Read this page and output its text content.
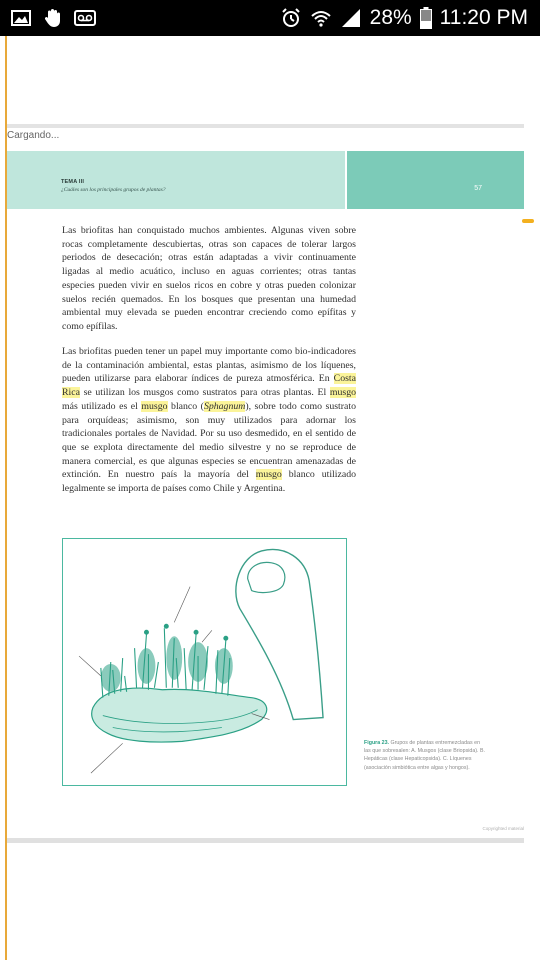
28% 11:20 PM
Cargando...
TEMA III
¿Cuáles son los principales grupos de plantas?	57

Las briofitas han conquistado muchos ambientes. Algunas viven sobre rocas completamente descubiertas, otras son capaces de tolerar largos periodos de desecación; otras están adaptadas a vivir continuamente ligadas al medio acuático, incluso en aguas corrientes; otras tantas especies pueden vivir en suelos ricos en cobre y otras pueden colonizar suelos recién quemados. En los bosques que presentan una humedad ambiental muy elevada se pueden encontrar creciendo como epífitas y como epífilas.

Las briofitas pueden tener un papel muy importante como bio-indicadores de la contaminación ambiental, estas plantas, asimismo de los líquenes, pueden utilizarse para elaborar índices de pureza atmosférica. En Costa Rica se utilizan los musgos como sustratos para otras plantas. El musgo más utilizado es el musgo blanco (Sphagnum), sobre todo como sustrato para orquídeas; asimismo, son muy utilizados para adornar los tradicionales portales de Navidad. Por su uso desmedido, en el sentido de que se explota directamente del medio silvestre y no se reproduce de manera comercial, es que algunas especies se encuentran amenazadas de extinción. En nuestro país la mayoría del musgo blanco utilizado legalmente se importa de países como Chile y Argentina.

Figura 23. Grupos de plantas entremezcladas en las que sobresalen: A. Musgos (clase Briopsida). B. Hepáticas (clase Hepaticopsida). C. Líquenes (asociación simbiótica entre algas y hongos).
Copyrighted material
